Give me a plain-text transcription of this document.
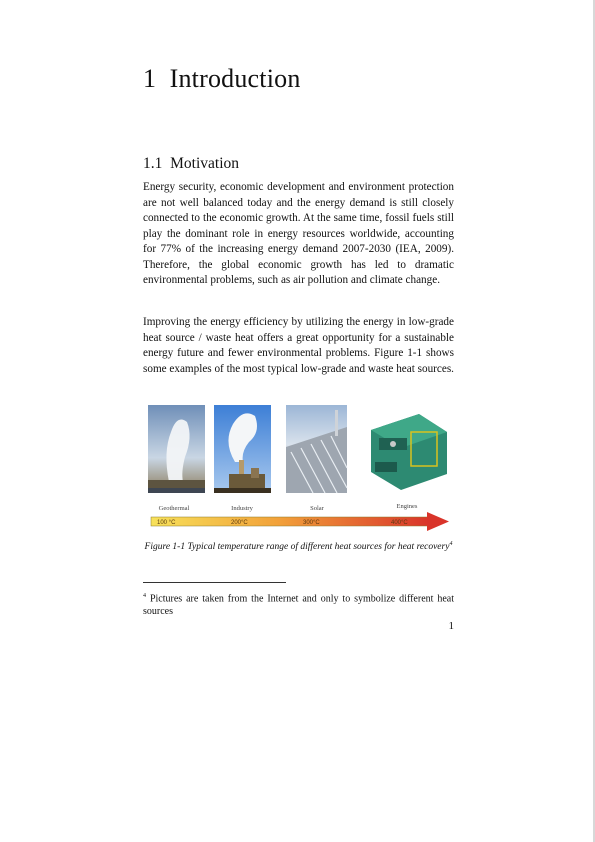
1 Introduction
1.1 Motivation

Energy security, economic development and environment protection are not well balanced today and the energy demand is still closely connected to the economic growth. At the same time, fossil fuels still play the dominant role in energy resources worldwide, accounting for 77% of the increasing energy demand 2007-2030 (IEA, 2009). Therefore, the global economic growth has led to dramatic environmental problems, such as air pollution and climate change.

Improving the energy efficiency by utilizing the energy in low-grade heat source / waste heat offers a great opportunity for a sustainable energy future and fewer environmental problems. Figure 1-1 shows some examples of the most typical low-grade and waste heat sources.

Geothermal	Industry	Solar	Engines
100 °C	200°C	300°C	400°C

Figure 1-1 Typical temperature range of different heat sources for heat recovery$^4$

$^4$ Pictures are taken from the Internet and only to symbolize different heat sources

1
